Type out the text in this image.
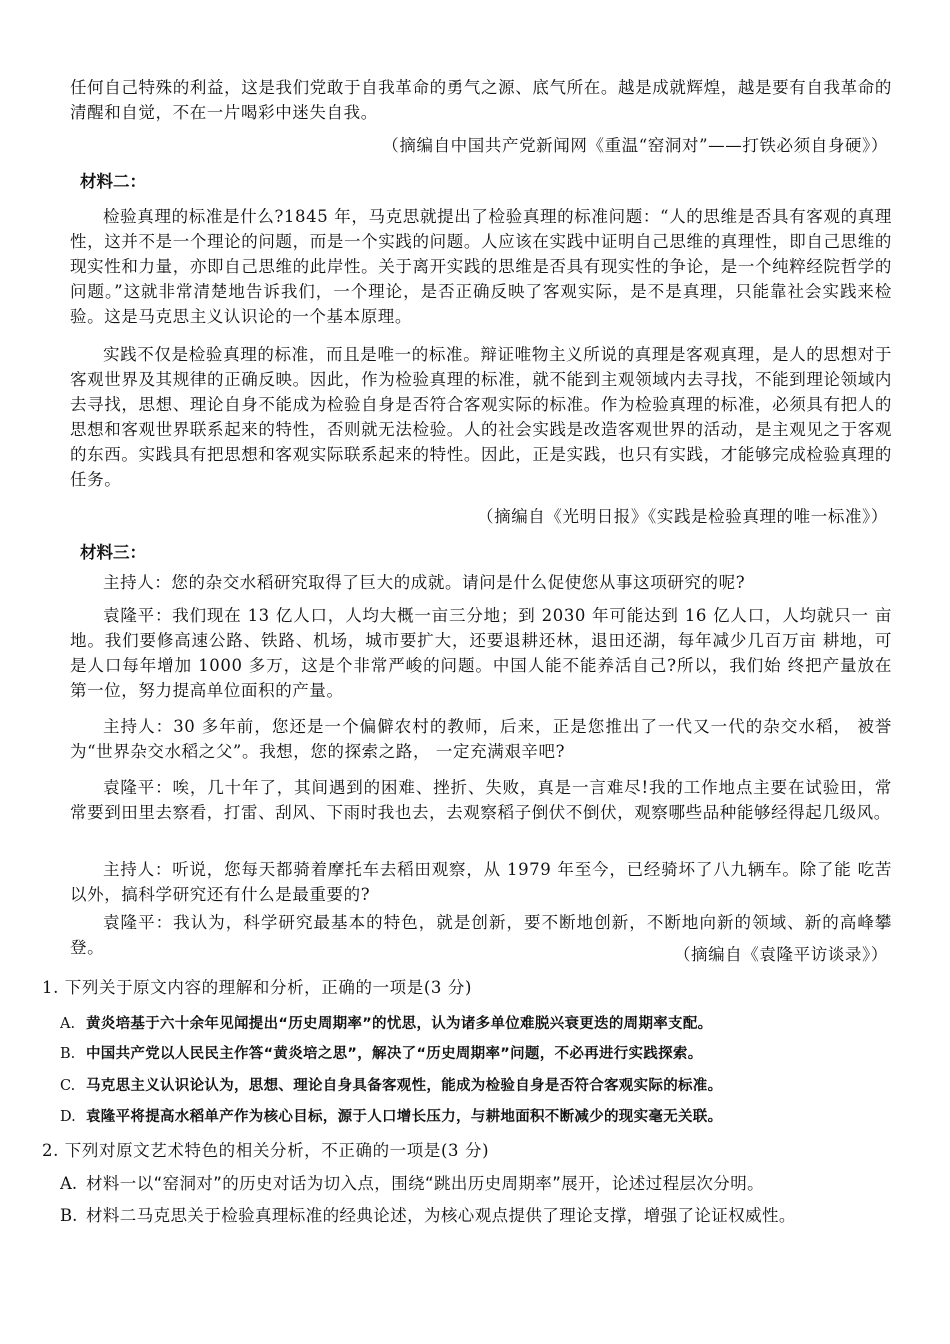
任何自己特殊的利益，这是我们党敢于自我革命的勇气之源、底气所在。越是成就辉煌，越是要有自我革命的清醒和自觉，不在一片喝彩中迷失自我。
（摘编自中国共产党新闻网《重温“窑洞对”——打铁必须自身硬》）
材料二：
检验真理的标准是什么?1845 年，马克思就提出了检验真理的标准问题：“人的思维是否具有客观的真理性，这并不是一个理论的问题，而是一个实践的问题。人应该在实践中证明自己思维的真理性，即自己思维的现实性和力量，亦即自己思维的此岸性。关于离开实践的思维是否具有现实性的争论，是一个纯粹经院哲学的问题。”这就非常清楚地告诉我们，一个理论，是否正确反映了客观实际，是不是真理，只能靠社会实践来检验。这是马克思主义认识论的一个基本原理。
实践不仅是检验真理的标准，而且是唯一的标准。辩证唯物主义所说的真理是客观真理，是人的思想对于客观世界及其规律的正确反映。因此，作为检验真理的标准，就不能到主观领域内去寻找，不能到理论领域内去寻找，思想、理论自身不能成为检验自身是否符合客观实际的标准。作为检验真理的标准，必须具有把人的思想和客观世界联系起来的特性，否则就无法检验。人的社会实践是改造客观世界的活动，是主观见之于客观的东西。实践具有把思想和客观实际联系起来的特性。因此，正是实践，也只有实践，才能够完成检验真理的任务。
（摘编自《光明日报》《实践是检验真理的唯一标准》）
材料三：
主持人：您的杂交水稻研究取得了巨大的成就。请问是什么促使您从事这项研究的呢?
袁隆平：我们现在 13 亿人口，人均大概一亩三分地；到 2030 年可能达到 16 亿人口，人均就只一 亩地。我们要修高速公路、铁路、机场，城市要扩大，还要退耕还林，退田还湖，每年减少几百万亩 耕地，可是人口每年增加 1000 多万，这是个非常严峻的问题。中国人能不能养活自己?所以，我们始 终把产量放在第一位，努力提高单位面积的产量。
主持人：30 多年前，您还是一个偏僻农村的教师，后来，正是您推出了一代又一代的杂交水稻， 被誉为“世界杂交水稻之父”。我想，您的探索之路， 一定充满艰辛吧?
袁隆平：唉，几十年了，其间遇到的困难、挫折、失败，真是一言难尽!我的工作地点主要在试验田，常常要到田里去察看，打雷、刮风、下雨时我也去，去观察稻子倒伏不倒伏，观察哪些品种能够经得起几级风。
主持人：听说，您每天都骑着摩托车去稻田观察，从 1979 年至今，已经骑坏了八九辆车。除了能 吃苦以外，搞科学研究还有什么是最重要的?
袁隆平：我认为，科学研究最基本的特色，就是创新，要不断地创新，不断地向新的领域、新的高峰攀登。	（摘编自《袁隆平访谈录》）
1. 下列关于原文内容的理解和分析，正确的一项是(3 分)
A. 黄炎培基于六十余年见闻提出“历史周期率”的忧思，认为诸多单位难脱兴衰更迭的周期率支配。
B. 中国共产党以人民民主作答“黄炎培之思”，解决了“历史周期率”问题，不必再进行实践探索。
C. 马克思主义认识论认为，思想、理论自身具备客观性，能成为检验自身是否符合客观实际的标准。
D. 袁隆平将提高水稻单产作为核心目标，源于人口增长压力，与耕地面积不断减少的现实毫无关联。
2. 下列对原文艺术特色的相关分析，不正确的一项是(3 分)
A. 材料一以“窑洞对”的历史对话为切入点，围绕“跳出历史周期率”展开，论述过程层次分明。
B. 材料二马克思关于检验真理标准的经典论述，为核心观点提供了理论支撑，增强了论证权威性。
